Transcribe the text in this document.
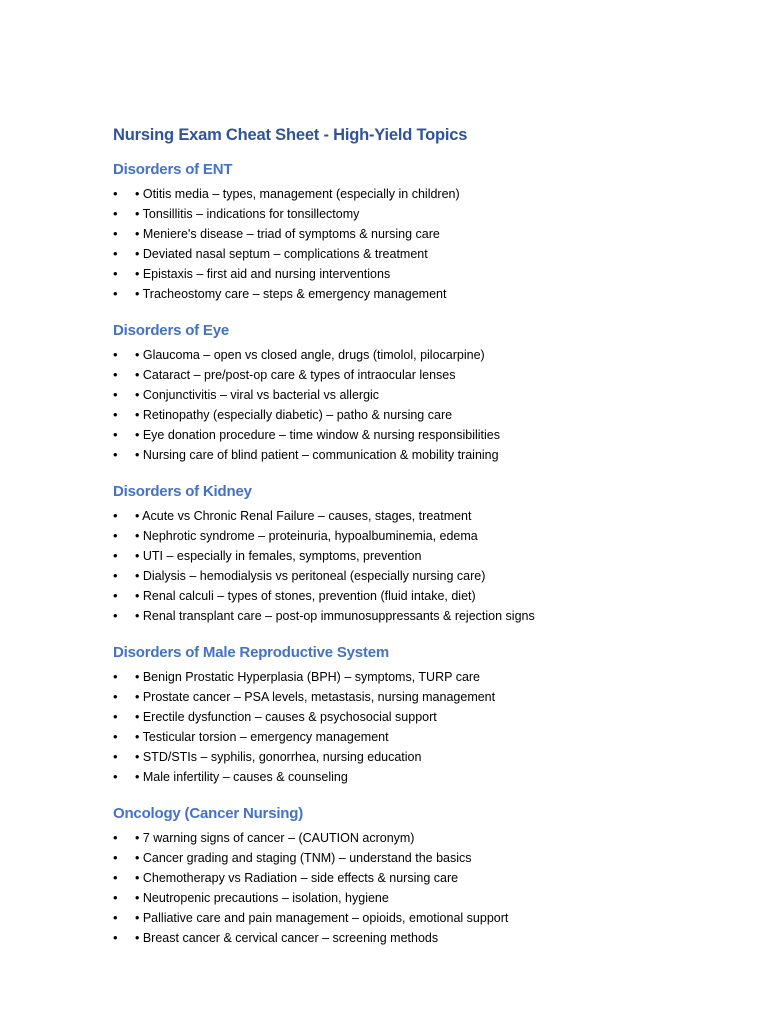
Nursing Exam Cheat Sheet - High-Yield Topics
Disorders of ENT
• • Otitis media – types, management (especially in children)
• • Tonsillitis – indications for tonsillectomy
• • Meniere's disease – triad of symptoms & nursing care
• • Deviated nasal septum – complications & treatment
• • Epistaxis – first aid and nursing interventions
• • Tracheostomy care – steps & emergency management
Disorders of Eye
• • Glaucoma – open vs closed angle, drugs (timolol, pilocarpine)
• • Cataract – pre/post-op care & types of intraocular lenses
• • Conjunctivitis – viral vs bacterial vs allergic
• • Retinopathy (especially diabetic) – patho & nursing care
• • Eye donation procedure – time window & nursing responsibilities
• • Nursing care of blind patient – communication & mobility training
Disorders of Kidney
• • Acute vs Chronic Renal Failure – causes, stages, treatment
• • Nephrotic syndrome – proteinuria, hypoalbuminemia, edema
• • UTI – especially in females, symptoms, prevention
• • Dialysis – hemodialysis vs peritoneal (especially nursing care)
• • Renal calculi – types of stones, prevention (fluid intake, diet)
• • Renal transplant care – post-op immunosuppressants & rejection signs
Disorders of Male Reproductive System
• • Benign Prostatic Hyperplasia (BPH) – symptoms, TURP care
• • Prostate cancer – PSA levels, metastasis, nursing management
• • Erectile dysfunction – causes & psychosocial support
• • Testicular torsion – emergency management
• • STD/STIs – syphilis, gonorrhea, nursing education
• • Male infertility – causes & counseling
Oncology (Cancer Nursing)
• • 7 warning signs of cancer – (CAUTION acronym)
• • Cancer grading and staging (TNM) – understand the basics
• • Chemotherapy vs Radiation – side effects & nursing care
• • Neutropenic precautions – isolation, hygiene
• • Palliative care and pain management – opioids, emotional support
• • Breast cancer & cervical cancer – screening methods
